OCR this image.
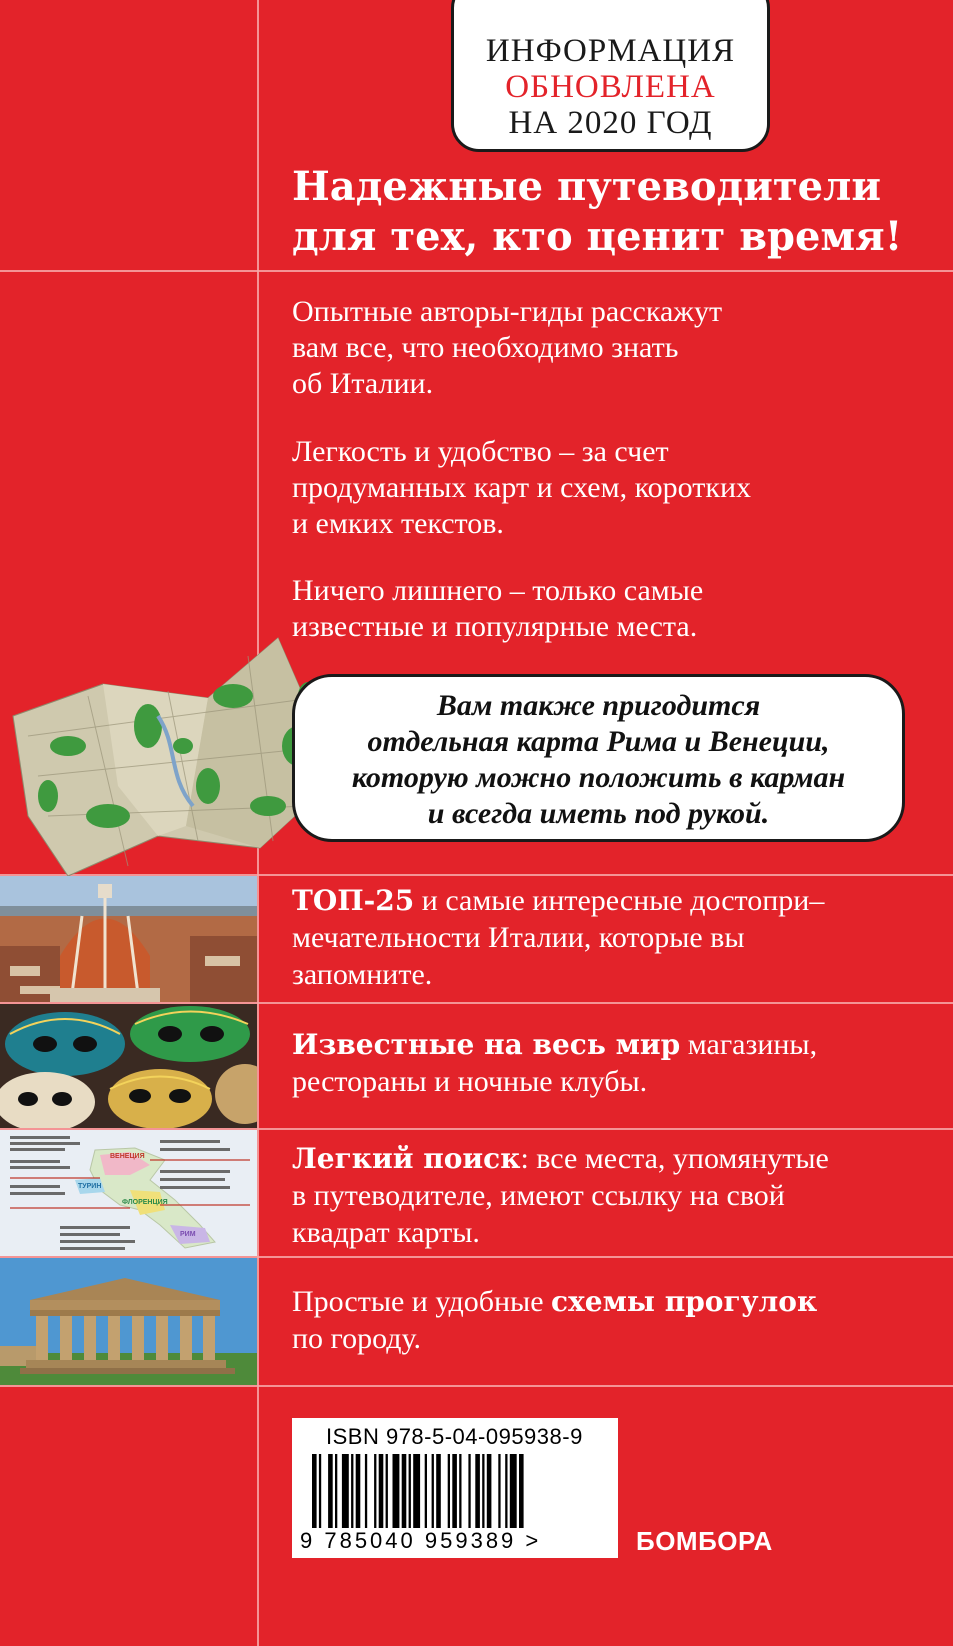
ИНФОРМАЦИЯ
ОБНОВЛЕНА
НА 2020 ГОД
Надежные путеводители
для тех, кто ценит время!
Опытные авторы-гиды расскажут
вам все, что необходимо знать
об Италии.
Легкость и удобство – за счет
продуманных карт и схем, коротких
и емких текстов.
Ничего лишнего – только самые
известные и популярные места.
Вам также пригодится
отдельная карта Рима и Венеции,
которую можно положить в карман
и всегда иметь под рукой.
ВЕНЕЦИЯ
ТУРИН
ФЛОРЕНЦИЯ
РИМ
ТОП-25 и самые интересные достопри–
мечательности Италии, которые вы
запомните.
Известные на весь мир магазины,
рестораны и ночные клубы.
Легкий поиск: все места, упомянутые
в путеводителе, имеют ссылку на свой
квадрат карты.
Простые и удобные схемы прогулок
по городу.
ISBN 978-5-04-095938-9
9 785040 959389 >	БОМБОРА
